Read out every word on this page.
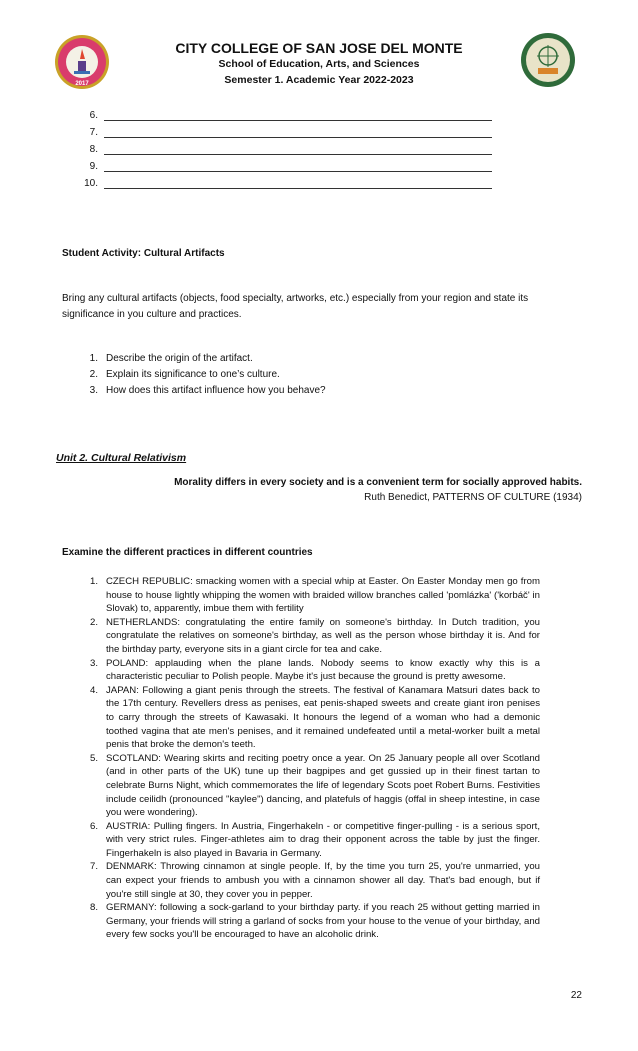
2017
CITY COLLEGE OF SAN JOSE DEL MONTE
School of Education, Arts, and Sciences
Semester 1. Academic Year 2022-2023
6.
7.
8.
9.
10.
Student Activity: Cultural Artifacts
Bring any cultural artifacts (objects, food specialty, artworks, etc.) especially from your region and state its significance in you culture and practices.
1. Describe the origin of the artifact.
2. Explain its significance to one’s culture.
3. How does this artifact influence how you behave?
Unit 2. Cultural Relativism
Morality differs in every society and is a convenient term for socially approved habits.
Ruth Benedict, PATTERNS OF CULTURE (1934)
Examine the different practices in different countries
1. CZECH REPUBLIC: smacking women with a special whip at Easter. On Easter Monday men go from house to house lightly whipping the women with braided willow branches called 'pomlázka' ('korbáč' in Slovak) to, apparently, imbue them with fertility
2. NETHERLANDS: congratulating the entire family on someone's birthday. In Dutch tradition, you congratulate the relatives on someone's birthday, as well as the person whose birthday it is. And for the birthday party, everyone sits in a giant circle for tea and cake.
3. POLAND: applauding when the plane lands. Nobody seems to know exactly why this is a characteristic peculiar to Polish people. Maybe it's just because the ground is pretty awesome.
4. JAPAN: Following a giant penis through the streets. The festival of Kanamara Matsuri dates back to the 17th century. Revellers dress as penises, eat penis-shaped sweets and create giant iron penises to carry through the streets of Kawasaki. It honours the legend of a woman who had a demonic toothed vagina that ate men's penises, and it remained undefeated until a metal-worker built a metal penis that broke the demon's teeth.
5. SCOTLAND: Wearing skirts and reciting poetry once a year. On 25 January people all over Scotland (and in other parts of the UK) tune up their bagpipes and get gussied up in their finest tartan to celebrate Burns Night, which commemorates the life of legendary Scots poet Robert Burns. Festivities include ceilidh (pronounced "kaylee") dancing, and platefuls of haggis (offal in sheep intestine, in case you were wondering).
6. AUSTRIA: Pulling fingers. In Austria, Fingerhakeln - or competitive finger-pulling - is a serious sport, with very strict rules. Finger-athletes aim to drag their opponent across the table by just the finger. Fingerhakeln is also played in Bavaria in Germany.
7. DENMARK: Throwing cinnamon at single people. If, by the time you turn 25, you're unmarried, you can expect your friends to ambush you with a cinnamon shower all day. That's bad enough, but if you're still single at 30, they cover you in pepper.
8. GERMANY: following a sock-garland to your birthday party. if you reach 25 without getting married in Germany, your friends will string a garland of socks from your house to the venue of your birthday, and every few socks you'll be encouraged to have an alcoholic drink.
22
